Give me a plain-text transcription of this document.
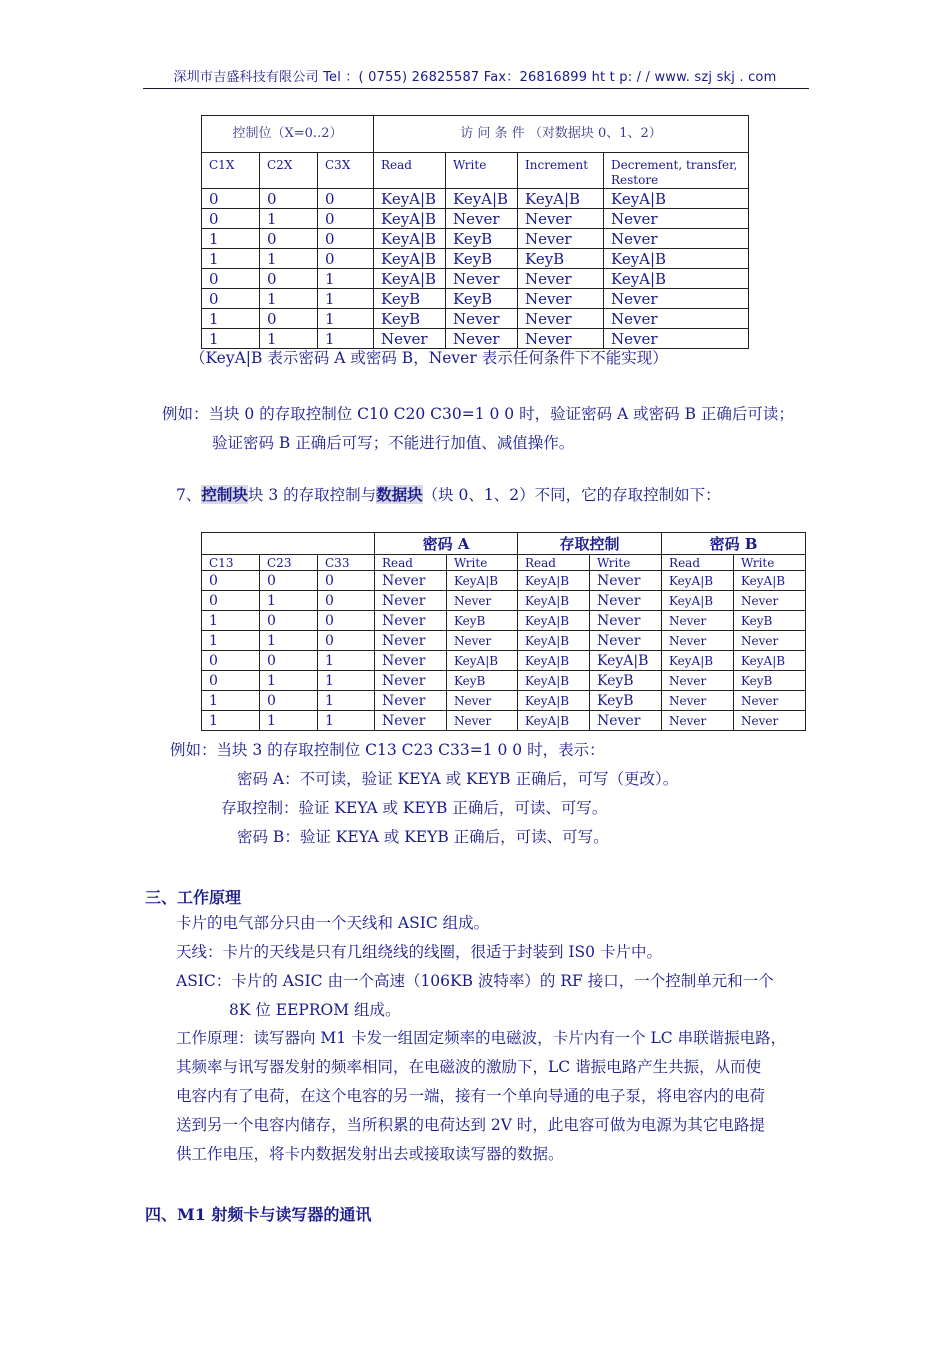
深圳市吉盛科技有限公司 Tel ：( 0755) 26825587 Fax：26816899 ht t p: / / www. szj skj . com
控制位（X=0..2）			访 问 条 件 （对数据块 0、1、2）			
C1X	C2X	C3X	Read	Write	Increment	Decrement, transfer,
Restore
0	0	0	KeyA|B	KeyA|B	KeyA|B	KeyA|B
0	1	0	KeyA|B	Never	Never	Never
1	0	0	KeyA|B	KeyB	Never	Never
1	1	0	KeyA|B	KeyB	KeyB	KeyA|B
0	0	1	KeyA|B	Never	Never	KeyA|B
0	1	1	KeyB	KeyB	Never	Never
1	0	1	KeyB	Never	Never	Never
1	1	1	Never	Never	Never	Never
（KeyA|B 表示密码 A 或密码 B，Never 表示任何条件下不能实现）
例如：当块 0 的存取控制位 C10 C20 C30=1 0 0 时，验证密码 A 或密码 B 正确后可读；
验证密码 B 正确后可写；不能进行加值、减值操作。
7、控制块块 3 的存取控制与数据块（块 0、1、2）不同，它的存取控制如下：
			密码 A		存取控制		密码 B	
C13	C23	C33	Read	Write	Read	Write	Read	Write
0	0	0	Never	KeyA|B	KeyA|B	Never	KeyA|B	KeyA|B
0	1	0	Never	Never	KeyA|B	Never	KeyA|B	Never
1	0	0	Never	KeyB	KeyA|B	Never	Never	KeyB
1	1	0	Never	Never	KeyA|B	Never	Never	Never
0	0	1	Never	KeyA|B	KeyA|B	KeyA|B	KeyA|B	KeyA|B
0	1	1	Never	KeyB	KeyA|B	KeyB	Never	KeyB
1	0	1	Never	Never	KeyA|B	KeyB	Never	Never
1	1	1	Never	Never	KeyA|B	Never	Never	Never
例如：当块 3 的存取控制位 C13 C23 C33=1 0 0 时，表示：
密码 A：不可读，验证 KEYA 或 KEYB 正确后，可写（更改）。
存取控制：验证 KEYA 或 KEYB 正确后，可读、可写。
密码 B：验证 KEYA 或 KEYB 正确后，可读、可写。
三、工作原理
卡片的电气部分只由一个天线和 ASIC 组成。
天线：卡片的天线是只有几组绕线的线圈，很适于封装到 IS0 卡片中。
ASIC：卡片的 ASIC 由一个高速（106KB 波特率）的 RF 接口，一个控制单元和一个
8K 位 EEPROM 组成。
工作原理：读写器向 M1 卡发一组固定频率的电磁波，卡片内有一个 LC 串联谐振电路，
其频率与讯写器发射的频率相同，在电磁波的激励下，LC 谐振电路产生共振，从而使
电容内有了电荷，在这个电容的另一端，接有一个单向导通的电子泵，将电容内的电荷
送到另一个电容内储存，当所积累的电荷达到 2V 时，此电容可做为电源为其它电路提
供工作电压，将卡内数据发射出去或接取读写器的数据。
四、M1 射频卡与读写器的通讯
